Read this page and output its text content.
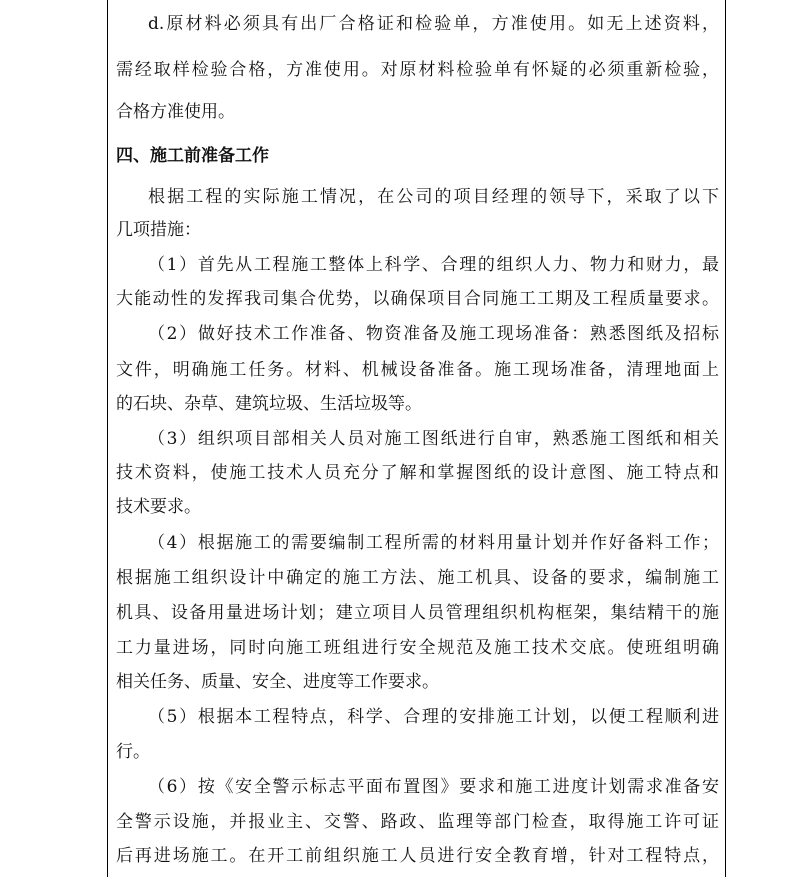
d.原材料必须具有出厂合格证和检验单，方准使用。如无上述资料，
需经取样检验合格，方准使用。对原材料检验单有怀疑的必须重新检验，
合格方准使用。
四、施工前准备工作
根据工程的实际施工情况，在公司的项目经理的领导下，采取了以下
几项措施：
（1）首先从工程施工整体上科学、合理的组织人力、物力和财力，最
大能动性的发挥我司集合优势，以确保项目合同施工工期及工程质量要求。
（2）做好技术工作准备、物资准备及施工现场准备：熟悉图纸及招标
文件，明确施工任务。材料、机械设备准备。施工现场准备，清理地面上
的石块、杂草、建筑垃圾、生活垃圾等。
（3）组织项目部相关人员对施工图纸进行自审，熟悉施工图纸和相关
技术资料，使施工技术人员充分了解和掌握图纸的设计意图、施工特点和
技术要求。
（4）根据施工的需要编制工程所需的材料用量计划并作好备料工作；
根据施工组织设计中确定的施工方法、施工机具、设备的要求，编制施工
机具、设备用量进场计划；建立项目人员管理组织机构框架，集结精干的施
工力量进场，同时向施工班组进行安全规范及施工技术交底。使班组明确
相关任务、质量、安全、进度等工作要求。
（5）根据本工程特点，科学、合理的安排施工计划，以便工程顺利进
行。
（6）按《安全警示标志平面布置图》要求和施工进度计划需求准备安
全警示设施，并报业主、交警、路政、监理等部门检查，取得施工许可证
后再进场施工。在开工前组织施工人员进行安全教育增，针对工程特点，
